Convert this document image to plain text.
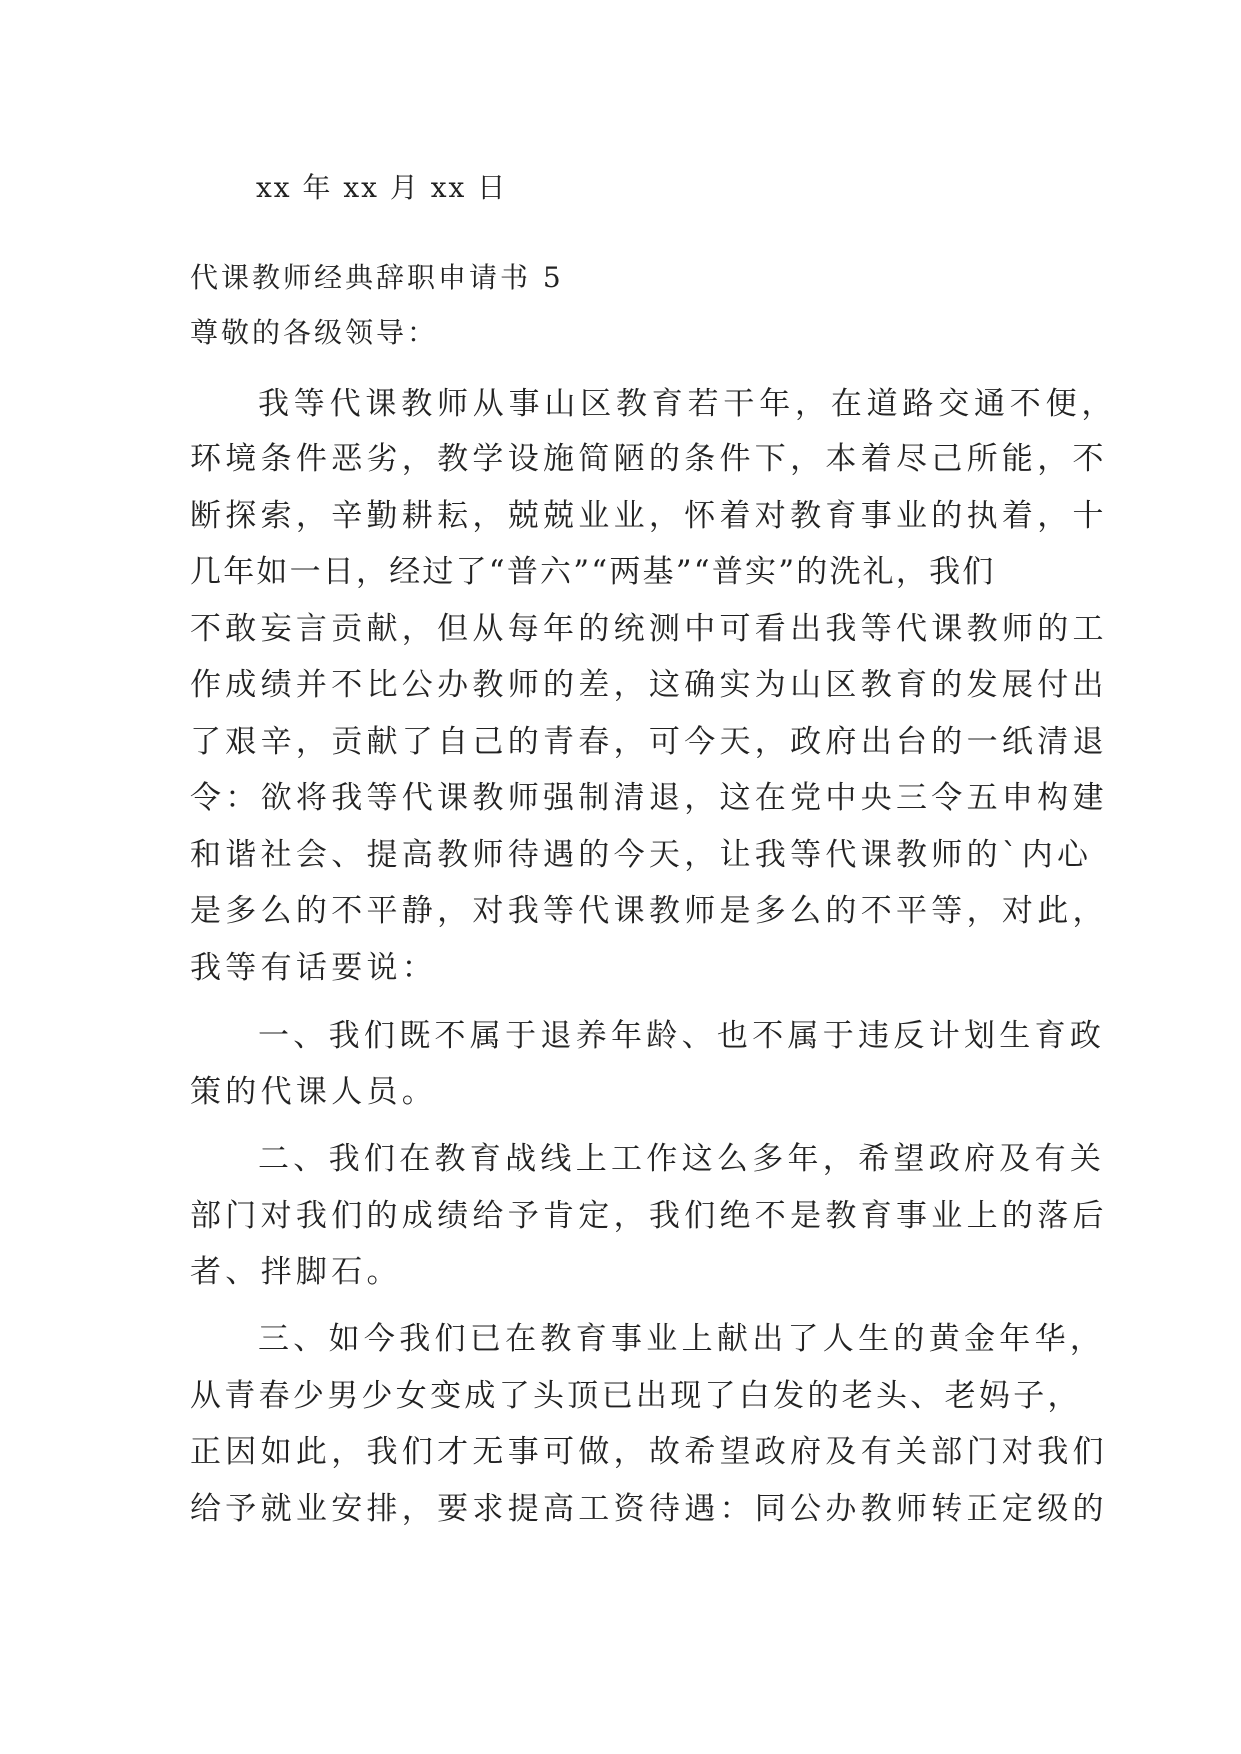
xx 年 xx 月 xx 日
代课教师经典辞职申请书 5
尊敬的各级领导：
我等代课教师从事山区教育若干年，在道路交通不便，
环境条件恶劣，教学设施简陋的条件下，本着尽己所能，不
断探索，辛勤耕耘，兢兢业业，怀着对教育事业的执着，十
几年如一日，经过了“普六”“两基”“普实”的洗礼，我们
不敢妄言贡献，但从每年的统测中可看出我等代课教师的工
作成绩并不比公办教师的差，这确实为山区教育的发展付出
了艰辛，贡献了自己的青春，可今天，政府出台的一纸清退
令：欲将我等代课教师强制清退，这在党中央三令五申构建
和谐社会、提高教师待遇的今天，让我等代课教师的`内心
是多么的不平静，对我等代课教师是多么的不平等，对此，
我等有话要说：
一、我们既不属于退养年龄、也不属于违反计划生育政
策的代课人员。
二、我们在教育战线上工作这么多年，希望政府及有关
部门对我们的成绩给予肯定，我们绝不是教育事业上的落后
者、拌脚石。
三、如今我们已在教育事业上献出了人生的黄金年华，
从青春少男少女变成了头顶已出现了白发的老头、老妈子，
正因如此，我们才无事可做，故希望政府及有关部门对我们
给予就业安排，要求提高工资待遇：同公办教师转正定级的
